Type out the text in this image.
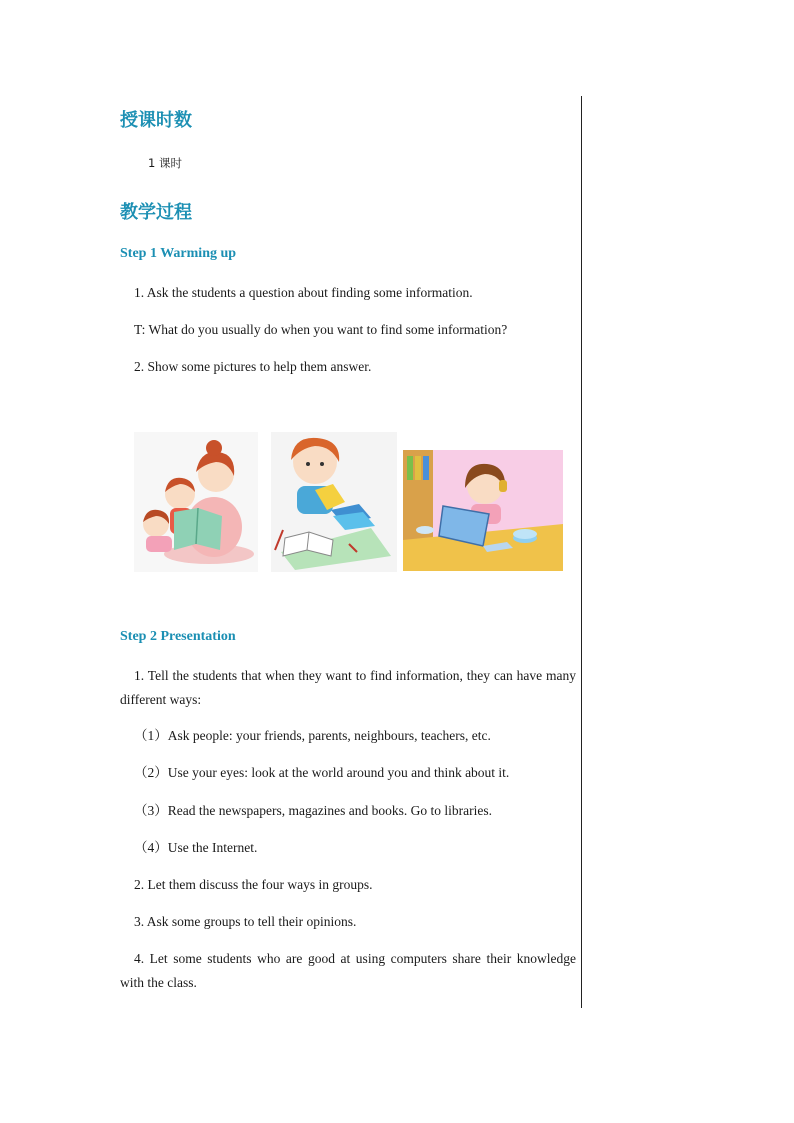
授课时数
1 课时
教学过程
Step 1 Warming up

1. Ask the students a question about finding some information.

T: What do you usually do when you want to find some information?

2. Show some pictures to help them answer.

Step 2 Presentation

1. Tell the students that when they want to find information, they can have many different ways:

（1）Ask people: your friends, parents, neighbours, teachers, etc.

（2）Use your eyes: look at the world around you and think about it.

（3）Read the newspapers, magazines and books. Go to libraries.

（4）Use the Internet.

2. Let them discuss the four ways in groups.

3. Ask some groups to tell their opinions.

4. Let some students who are good at using computers share their knowledge with the class.
